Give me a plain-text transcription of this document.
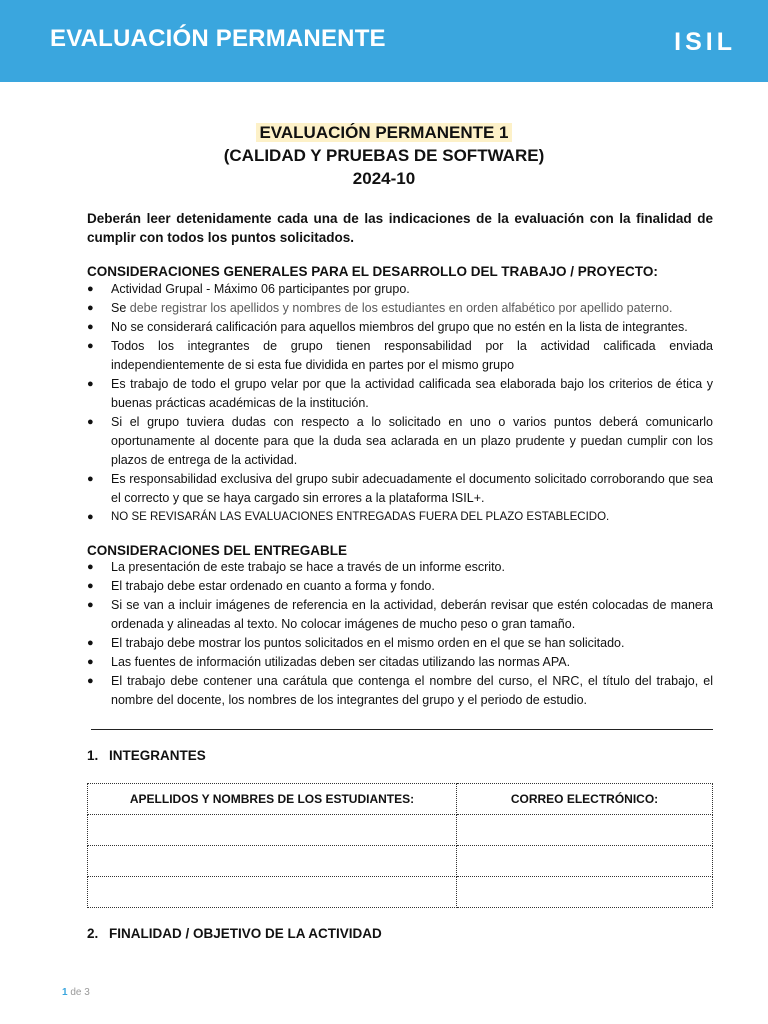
EVALUACIÓN PERMANENTE	ISIL
EVALUACIÓN PERMANENTE 1
(CALIDAD Y PRUEBAS DE SOFTWARE)
2024-10
Deberán leer detenidamente cada una de las indicaciones de la evaluación con la finalidad de cumplir con todos los puntos solicitados.
CONSIDERACIONES GENERALES PARA EL DESARROLLO DEL TRABAJO / PROYECTO:
● Actividad Grupal - Máximo 06 participantes por grupo.
● Se debe registrar los apellidos y nombres de los estudiantes en orden alfabético por apellido paterno.
● No se considerará calificación para aquellos miembros del grupo que no estén en la lista de integrantes.
● Todos los integrantes de grupo tienen responsabilidad por la actividad calificada enviada independientemente de si esta fue dividida en partes por el mismo grupo
● Es trabajo de todo el grupo velar por que la actividad calificada sea elaborada bajo los criterios de ética y buenas prácticas académicas de la institución.
● Si el grupo tuviera dudas con respecto a lo solicitado en uno o varios puntos deberá comunicarlo oportunamente al docente para que la duda sea aclarada en un plazo prudente y puedan cumplir con los plazos de entrega de la actividad.
● Es responsabilidad exclusiva del grupo subir adecuadamente el documento solicitado corroborando que sea el correcto y que se haya cargado sin errores a la plataforma ISIL+.
● NO SE REVISARÁN LAS EVALUACIONES ENTREGADAS FUERA DEL PLAZO ESTABLECIDO.
CONSIDERACIONES DEL ENTREGABLE
● La presentación de este trabajo se hace a través de un informe escrito.
● El trabajo debe estar ordenado en cuanto a forma y fondo.
● Si se van a incluir imágenes de referencia en la actividad, deberán revisar que estén colocadas de manera ordenada y alineadas al texto. No colocar imágenes de mucho peso o gran tamaño.
● El trabajo debe mostrar los puntos solicitados en el mismo orden en el que se han solicitado.
● Las fuentes de información utilizadas deben ser citadas utilizando las normas APA.
● El trabajo debe contener una carátula que contenga el nombre del curso, el NRC, el título del trabajo, el nombre del docente, los nombres de los integrantes del grupo y el periodo de estudio.
1. INTEGRANTES
APELLIDOS Y NOMBRES DE LOS ESTUDIANTES:	CORREO ELECTRÓNICO:

2. FINALIDAD / OBJETIVO DE LA ACTIVIDAD
1 de 3
